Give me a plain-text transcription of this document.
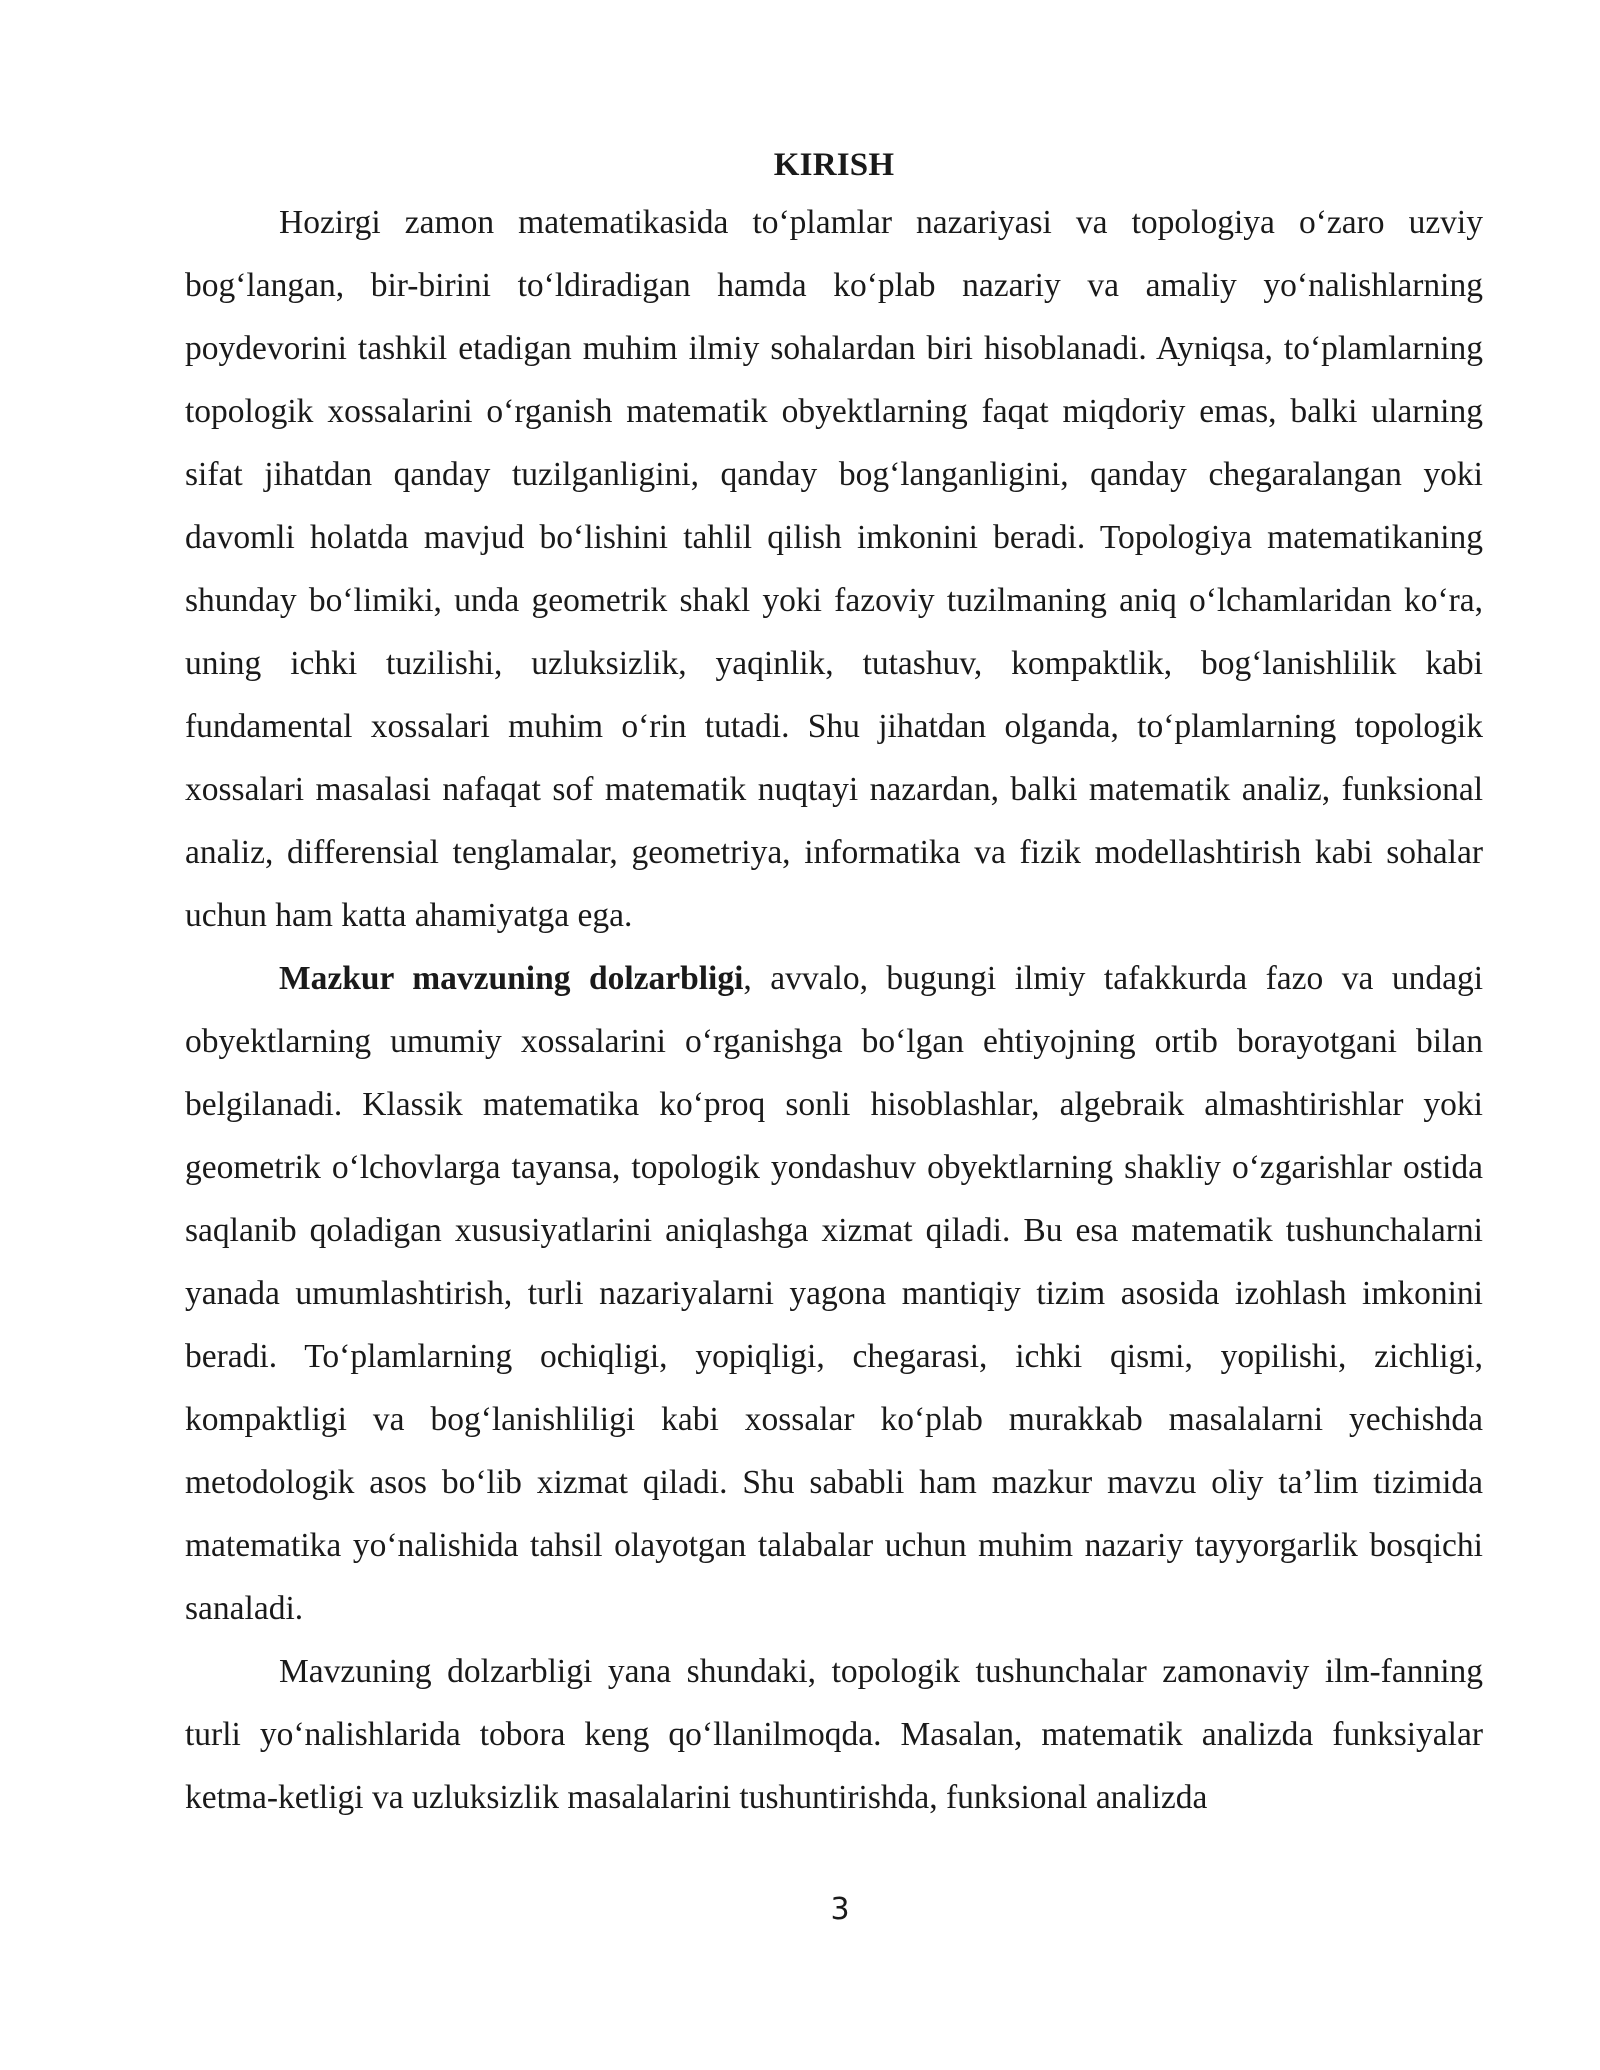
KIRISH

Hozirgi zamon matematikasida to‘plamlar nazariyasi va topologiya o‘zaro uzviy bog‘langan, bir-birini to‘ldiradigan hamda ko‘plab nazariy va amaliy yo‘nalishlarning poydevorini tashkil etadigan muhim ilmiy sohalardan biri hisoblanadi. Ayniqsa, to‘plamlarning topologik xossalarini o‘rganish matematik obyektlarning faqat miqdoriy emas, balki ularning sifat jihatdan qanday tuzilganligini, qanday bog‘langanligini, qanday chegaralangan yoki davomli holatda mavjud bo‘lishini tahlil qilish imkonini beradi. Topologiya matematikaning shunday bo‘limiki, unda geometrik shakl yoki fazoviy tuzilmaning aniq o‘lchamlaridan ko‘ra, uning ichki tuzilishi, uzluksizlik, yaqinlik, tutashuv, kompaktlik, bog‘lanishlilik kabi fundamental xossalari muhim o‘rin tutadi. Shu jihatdan olganda, to‘plamlarning topologik xossalari masalasi nafaqat sof matematik nuqtayi nazardan, balki matematik analiz, funksional analiz, differensial tenglamalar, geometriya, informatika va fizik modellashtirish kabi sohalar uchun ham katta ahamiyatga ega.

Mazkur mavzuning dolzarbligi, avvalo, bugungi ilmiy tafakkurda fazo va undagi obyektlarning umumiy xossalarini o‘rganishga bo‘lgan ehtiyojning ortib borayotgani bilan belgilanadi. Klassik matematika ko‘proq sonli hisoblashlar, algebraik almashtirishlar yoki geometrik o‘lchovlarga tayansa, topologik yondashuv obyektlarning shakliy o‘zgarishlar ostida saqlanib qoladigan xususiyatlarini aniqlashga xizmat qiladi. Bu esa matematik tushunchalarni yanada umumlashtirish, turli nazariyalarni yagona mantiqiy tizim asosida izohlash imkonini beradi. To‘plamlarning ochiqligi, yopiqligi, chegarasi, ichki qismi, yopilishi, zichligi, kompaktligi va bog‘lanishliligi kabi xossalar ko‘plab murakkab masalalarni yechishda metodologik asos bo‘lib xizmat qiladi. Shu sababli ham mazkur mavzu oliy ta’lim tizimida matematika yo‘nalishida tahsil olayotgan talabalar uchun muhim nazariy tayyorgarlik bosqichi sanaladi.

Mavzuning dolzarbligi yana shundaki, topologik tushunchalar zamonaviy ilm-fanning turli yo‘nalishlarida tobora keng qo‘llanilmoqda. Masalan, matematik analizda funksiyalar ketma-ketligi va uzluksizlik masalalarini tushuntirishda, funksional analizda

3
